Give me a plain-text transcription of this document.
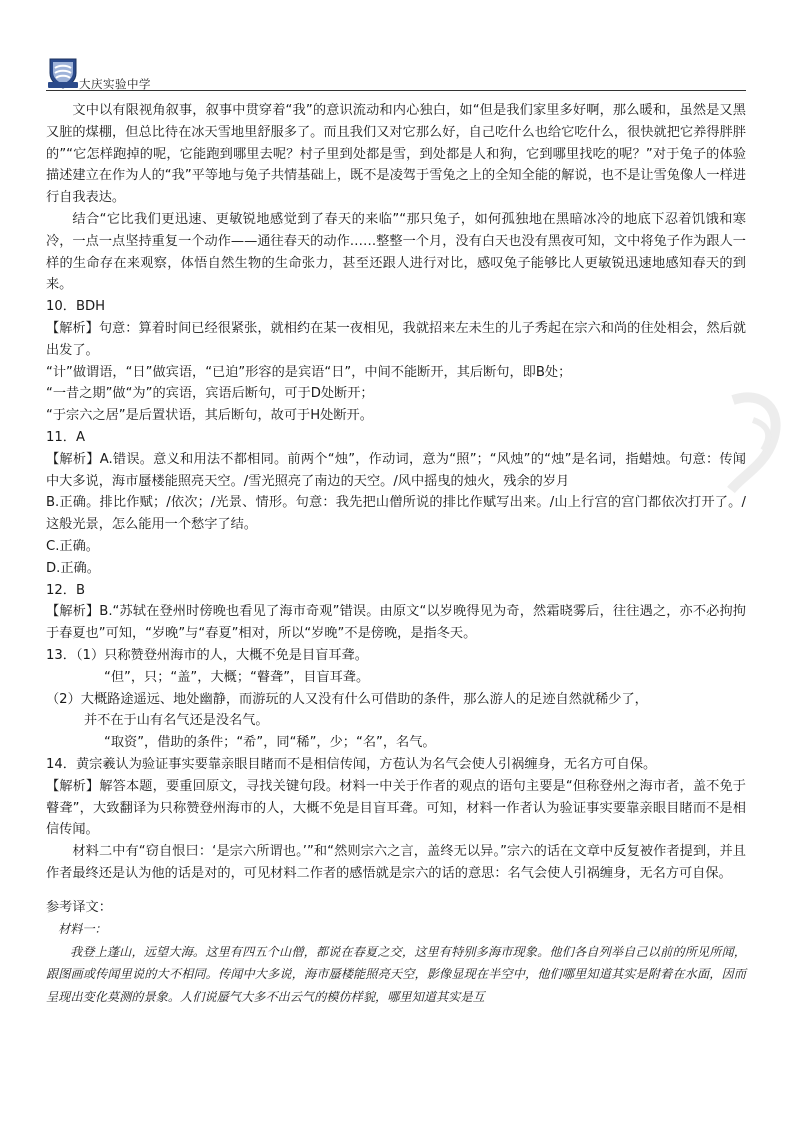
大庆实验中学

文中以有限视角叙事，叙事中贯穿着“我”的意识流动和内心独白，如“但是我们家里多好啊，那么暖和，虽然是又黑又脏的煤棚，但总比待在冰天雪地里舒服多了。而且我们又对它那么好，自己吃什么也给它吃什么，很快就把它养得胖胖的”“它怎样跑掉的呢，它能跑到哪里去呢？村子里到处都是雪，到处都是人和狗，它到哪里找吃的呢？”对于兔子的体验描述建立在作为人的“我”平等地与兔子共情基础上，既不是凌驾于雪兔之上的全知全能的解说，也不是让雪兔像人一样进行自我表达。

结合“它比我们更迅速、更敏锐地感觉到了春天的来临”“那只兔子，如何孤独地在黑暗冰冷的地底下忍着饥饿和寒冷，一点一点坚持重复一个动作——通往春天的动作……整整一个月，没有白天也没有黑夜可知，文中将兔子作为跟人一样的生命存在来观察，体悟自然生物的生命张力，甚至还跟人进行对比，感叹兔子能够比人更敏锐迅速地感知春天的到来。

10．BDH

【解析】句意：算着时间已经很紧张，就相约在某一夜相见，我就招来左未生的儿子秀起在宗六和尚的住处相会，然后就出发了。

“计”做谓语，“日”做宾语，“已迫”形容的是宾语“日”，中间不能断开，其后断句，即B处；

“一昔之期”做“为”的宾语，宾语后断句，可于D处断开；

“于宗六之居”是后置状语，其后断句，故可于H处断开。

11．A

【解析】A.错误。意义和用法不都相同。前两个“烛”，作动词，意为“照”；“风烛”的“烛”是名词，指蜡烛。句意：传闻中大多说，海市蜃楼能照亮天空。/雪光照亮了南边的天空。/风中摇曳的烛火，残余的岁月

B.正确。排比作赋；/依次；/光景、情形。句意：我先把山僧所说的排比作赋写出来。/山上行宫的宫门都依次打开了。/这般光景，怎么能用一个愁字了结。

C.正确。

D.正确。

12．B

【解析】B.“苏轼在登州时傍晚也看见了海市奇观”错误。由原文“以岁晚得见为奇，然霜晓雾后，往往遇之，亦不必拘拘于春夏也”可知，“岁晚”与“春夏”相对，所以“岁晚”不是傍晚，是指冬天。

13．（1）只称赞登州海市的人，大概不免是目盲耳聋。

“但”，只；“盖”，大概；“瞽聋”，目盲耳聋。

（2）大概路途遥远、地处幽静，而游玩的人又没有什么可借助的条件，那么游人的足迹自然就稀少了，

并不在于山有名气还是没名气。

“取资”，借助的条件；“希”，同“稀”，少；“名”，名气。

14．黄宗羲认为验证事实要靠亲眼目睹而不是相信传闻，方苞认为名气会使人引祸缠身，无名方可自保。

【解析】解答本题，要重回原文，寻找关键句段。材料一中关于作者的观点的语句主要是“但称登州之海市者，盖不免于瞽聋”，大致翻译为只称赞登州海市的人，大概不免是目盲耳聋。可知，材料一作者认为验证事实要靠亲眼目睹而不是相信传闻。

材料二中有“窃自恨曰：‘是宗六所谓也。’”和“然则宗六之言，盖终无以异。”宗六的话在文章中反复被作者提到，并且作者最终还是认为他的话是对的，可见材料二作者的感悟就是宗六的话的意思：名气会使人引祸缠身，无名方可自保。

参考译文：

材料一：

我登上蓬山，远望大海。这里有四五个山僧，都说在春夏之交，这里有特别多海市现象。他们各自列举自己以前的所见所闻，跟图画或传闻里说的大不相同。传闻中大多说，海市蜃楼能照亮天空，影像显现在半空中，他们哪里知道其实是附着在水面，因而呈现出变化莫测的景象。人们说蜃气大多不出云气的模仿样貌，哪里知道其实是互
